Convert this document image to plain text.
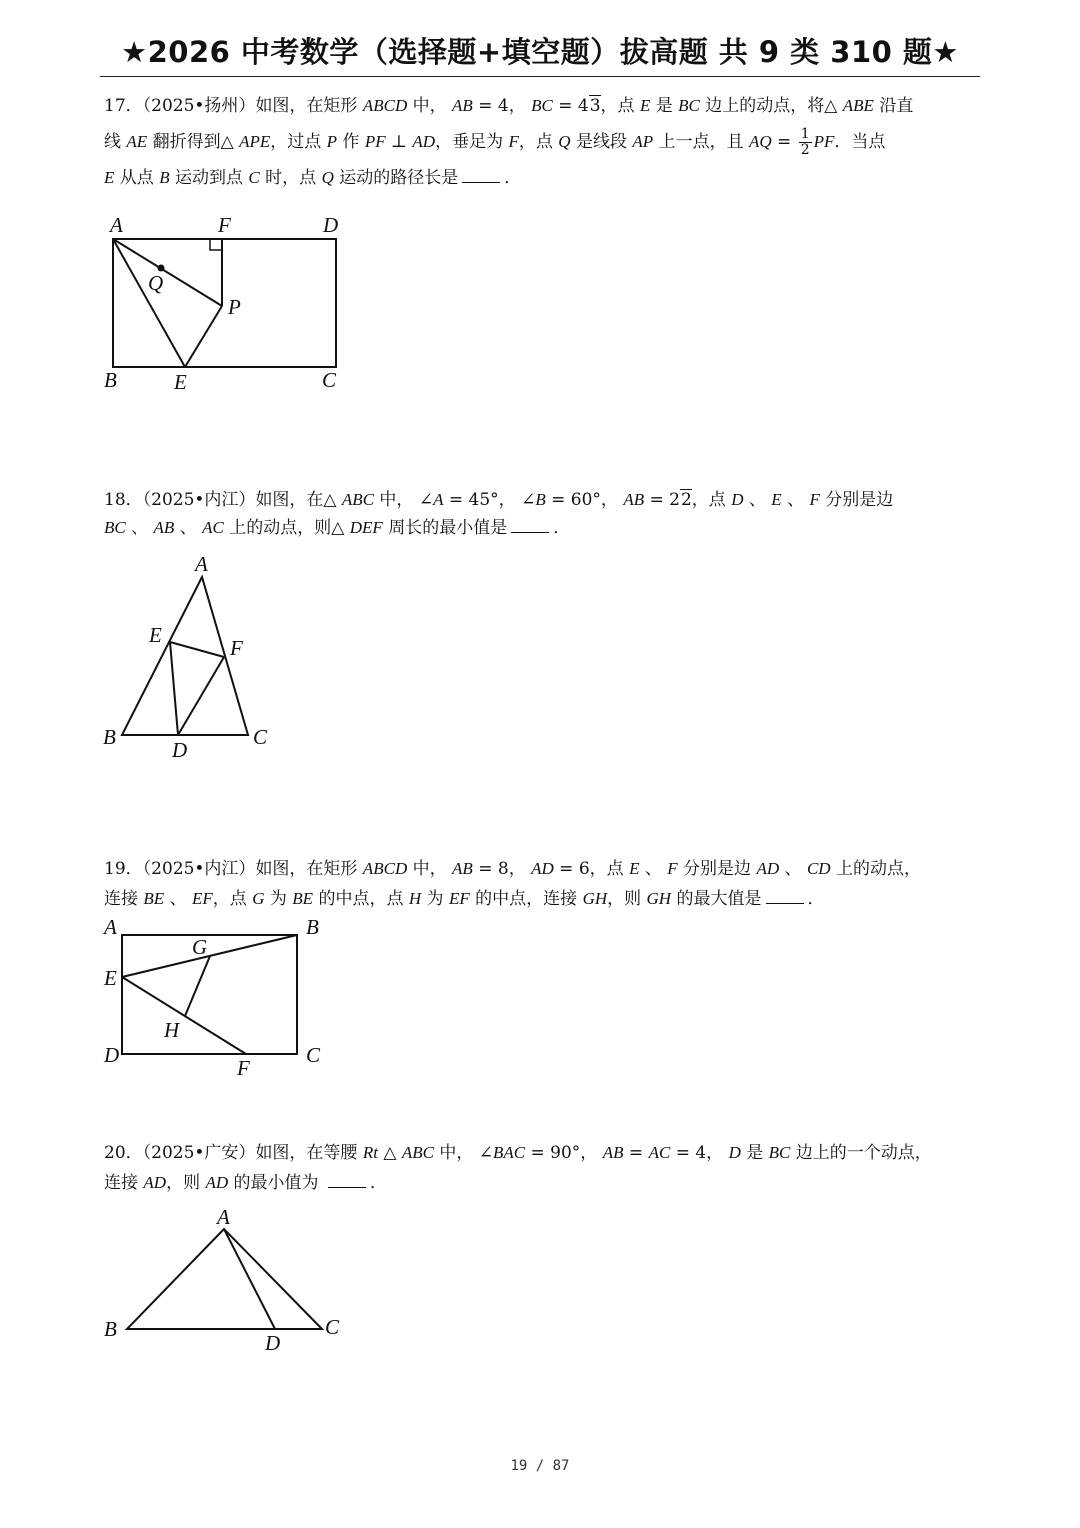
★2026 中考数学（选择题+填空题）拔高题 共 9 类 310 题★
17．（2025•扬州）如图，在矩形 ABCD 中， AB = 4， BC = 43，点 E 是 BC 边上的动点，将△ ABE 沿直
线 AE 翻折得到△ APE，过点 P 作 PF ⊥ AD，垂足为 F，点 Q 是线段 AP 上一点，且 AQ = $\frac{1}{2}$ PF．当点
E 从点 B 运动到点 C 时，点 Q 运动的路径长是	．
A	F	D
Q
P
B	E	C
18．（2025•内江）如图，在△ ABC 中， ∠A = 45°， ∠B = 60°， AB = 22，点 D 、 E 、 F 分别是边
BC 、 AB 、 AC 上的动点，则△ DEF 周长的最小值是	．
A
E
F
B
D
C
19．（2025•内江）如图，在矩形 ABCD 中， AB = 8， AD = 6，点 E 、 F 分别是边 AD 、 CD 上的动点，
连接 BE 、 EF，点 G 为 BE 的中点，点 H 为 EF 的中点，连接 GH，则 GH 的最大值是	．
A	B
G
E
H
D
F
C
20．（2025•广安）如图，在等腰 Rt △ ABC 中， ∠BAC = 90°， AB = AC = 4， D 是 BC 边上的一个动点，
连接 AD，则 AD 的最小值为	．
A
B
D
C
19 / 87
